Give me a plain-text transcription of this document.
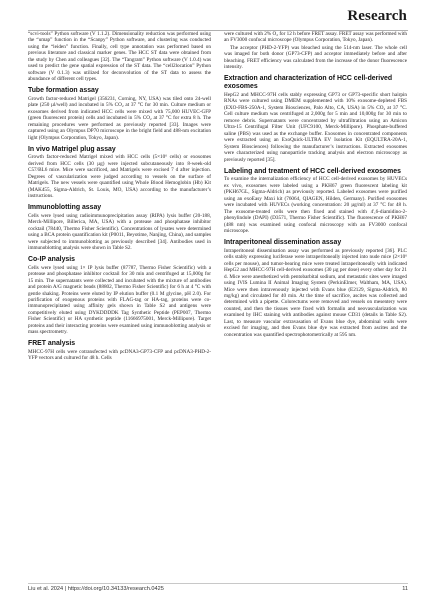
Research

“scvi-tools” Python software (V 1.1.2). Dimensionality reduction was performed using the “umap” function in the “Scanpy” Python software, and clustering was conducted using the “leiden” function. Finally, cell type annotation was performed based on previous literature and classical marker genes. The HCC ST data were obtained from the study by Chen and colleagues [32]. The “Tangram” Python software (V 1.0.4) was used to predict the gene spatial expression of the ST data. The “cell2location” Python software (V 0.1.3) was utilized for deconvolution of the ST data to assess the abundance of different cell types.

Tube formation assay

Growth factor-reduced Matrigel (356231, Corning, NY, USA) was tiled onto 24-well plate (250 µl/well) and incubated in 5% CO₂ at 37 °C for 30 min. Culture medium or exosomes derived from indicated HCC cells were mixed with 75,000 HUVEC-GFP (green fluorescent protein) cells and incubated in 5% CO₂ at 37 °C for extra 8 h. The remaining procedures were performed as previously reported [33]. Images were captured using an Olympus DP70 microscope in the bright field and 488-nm excitation light (Olympus Corporation, Tokyo, Japan).

In vivo Matrigel plug assay

Growth factor-reduced Matrigel mixed with HCC cells (5×10⁶ cells) or exosomes derived from HCC cells (30 µg) were injected subcutaneously into 8-week-old C57/BL6 mice. Mice were sacrificed, and Matrigels were excised 7 d after injection. Degrees of vascularization were judged according to vessels on the surface of Matrigels. The new vessels were quantified using Whole Blood Hemoglobin (Hb) Kit (MAK455, Sigma-Aldrich, St. Louis, MO, USA) according to the manufacturer’s instructions.

Immunoblotting assay

Cells were lysed using radioimmunoprecipitation assay (RIPA) lysis buffer (20-188, Merck-Millipore, Billerica, MA, USA) with a protease and phosphatase inhibitor cocktail (78440, Thermo Fisher Scientific). Concentrations of lysates were determined using a BCA protein quantification kit (P0011, Beyotime, Nanjing, China), and samples were subjected to immunoblotting as previously described [34]. Antibodies used in immunoblotting analysis were shown in Table S2.

Co-IP analysis

Cells were lysed using 1× IP lysis buffer (87787, Thermo Fisher Scientific) with a protease and phosphatase inhibitor cocktail for 30 min and centrifuged at 15,000g for 15 min. The supernatants were collected and incubated with the mixture of antibodies and protein A/G magnetic beads (88802, Thermo Fisher Scientific) for 6 h at 4 °C with gentle shaking. Proteins were eluted by IP elution buffer (0.1 M glycine, pH 2.0). For purification of exogenous proteins with FLAG-tag or HA-tag, proteins were co-immunoprecipitated using affinity gels shown in Table S2 and antigens were competitively eluted using DYKDDDDK Tag Synthetic Peptide (PEP007, Thermo Fisher Scientific) or HA synthetic peptide (11666975001, Merck-Millipore). Target proteins and their interacting proteins were examined using immunoblotting analysis or mass spectrometry.

FRET analysis

MHCC-97H cells were cotransfected with pcDNA3-GP73-CFP and pcDNA3-PHD-2-YFP vectors and cultured for 48 h. Cells

were cultured with 2% O₂ for 12 h before FRET assay. FRET assay was performed with an FV3000 confocal microscope (Olympus Corporation, Tokyo, Japan).

The acceptor (PHD-2-YFP) was bleached using the 514-nm laser. The whole cell was imaged for both donor (GP73-CFP) and acceptor immediately before and after bleaching. FRET efficiency was calculated from the increase of the donor fluorescence intensity.

Extraction and characterization of HCC cell-derived exosomes

HepG2 and MHCC-97H cells stably expressing GP73 or GP73-specific short hairpin RNAs were cultured using DMEM supplemented with 10% exosome-depleted FBS (EXO-FBS-250A-1, System Biosciences, Palo Alto, CA, USA) in 5% CO₂ at 37 °C. Cell culture medium was centrifuged at 2,000g for 5 min and 10,000g for 30 min to remove debris. Supernatants were concentrated by ultrafiltration using an Amicon Ultra-15 Centrifugal Filter Unit (UFC9100, Merck-Millipore). Phosphate-buffered saline (PBS) was used as the exchange buffer. Exosomes in concentrated components were extracted using an ExoQuick-ULTRA EV Isolation Kit (EQULTRA-20A-1, System Biosciences) following the manufacturer’s instructions. Extracted exosomes were characterized using nanoparticle tracking analysis and electron microscopy as previously reported [35].

Labeling and treatment of HCC cell-derived exosomes

To examine the internalization efficiency of HCC cell-derived exosomes by HUVECs ex vivo, exosomes were labeled using a PKH67 green fluorescent labeling kit (PKH67GL, Sigma-Aldrich) as previously reported. Labeled exosomes were purified using an exoEasy Maxi kit (76064, QIAGEN, Hilden, Germany). Purified exosomes were incubated with HUVECs (working concentration: 20 µg/ml) at 37 °C for 48 h. The exosome-treated cells were then fixed and stained with 4′,6-diamidino-2-phenylindole (DAPI) (D3571, Thermo Fisher Scientific). The fluorescence of PKH67 (488 nm) was examined using confocal microscopy with an FV3000 confocal microscope.

Intraperitoneal dissemination assay

Intraperitoneal dissemination assay was performed as previously reported [36]. PLC cells stably expressing luciferase were intraperitoneally injected into nude mice (2×10⁶ cells per mouse), and tumor-bearing mice were treated intraperitoneally with indicated HepG2 and MHCC-97H cell-derived exosomes (30 µg per dose) every other day for 21 d. Mice were anesthetized with pentobarbital sodium, and metastatic sites were imaged using IVIS Lumina II Animal Imaging System (PerkinElmer, Waltham, MA, USA). Mice were then intravenously injected with Evans blue (E2129, Sigma-Aldrich, 80 mg/kg) and circulated for 40 min. At the time of sacrifice, ascites was collected and determined with a pipette. Colorectums were removed and vessels on mesentery were counted, and then the tissues were fixed with formalin and neovascularization was examined by IHC staining with antibodies against mouse CD31 (details in Table S2). Last, to measure vascular extravasation of Evans blue dye, abdominal walls were excised for imaging, and then Evans blue dye was extracted from ascites and the concentration was quantified spectrophotometrically at 595 nm.

Liu et al. 2024 | https://doi.org/10.34133/research.0425	11
